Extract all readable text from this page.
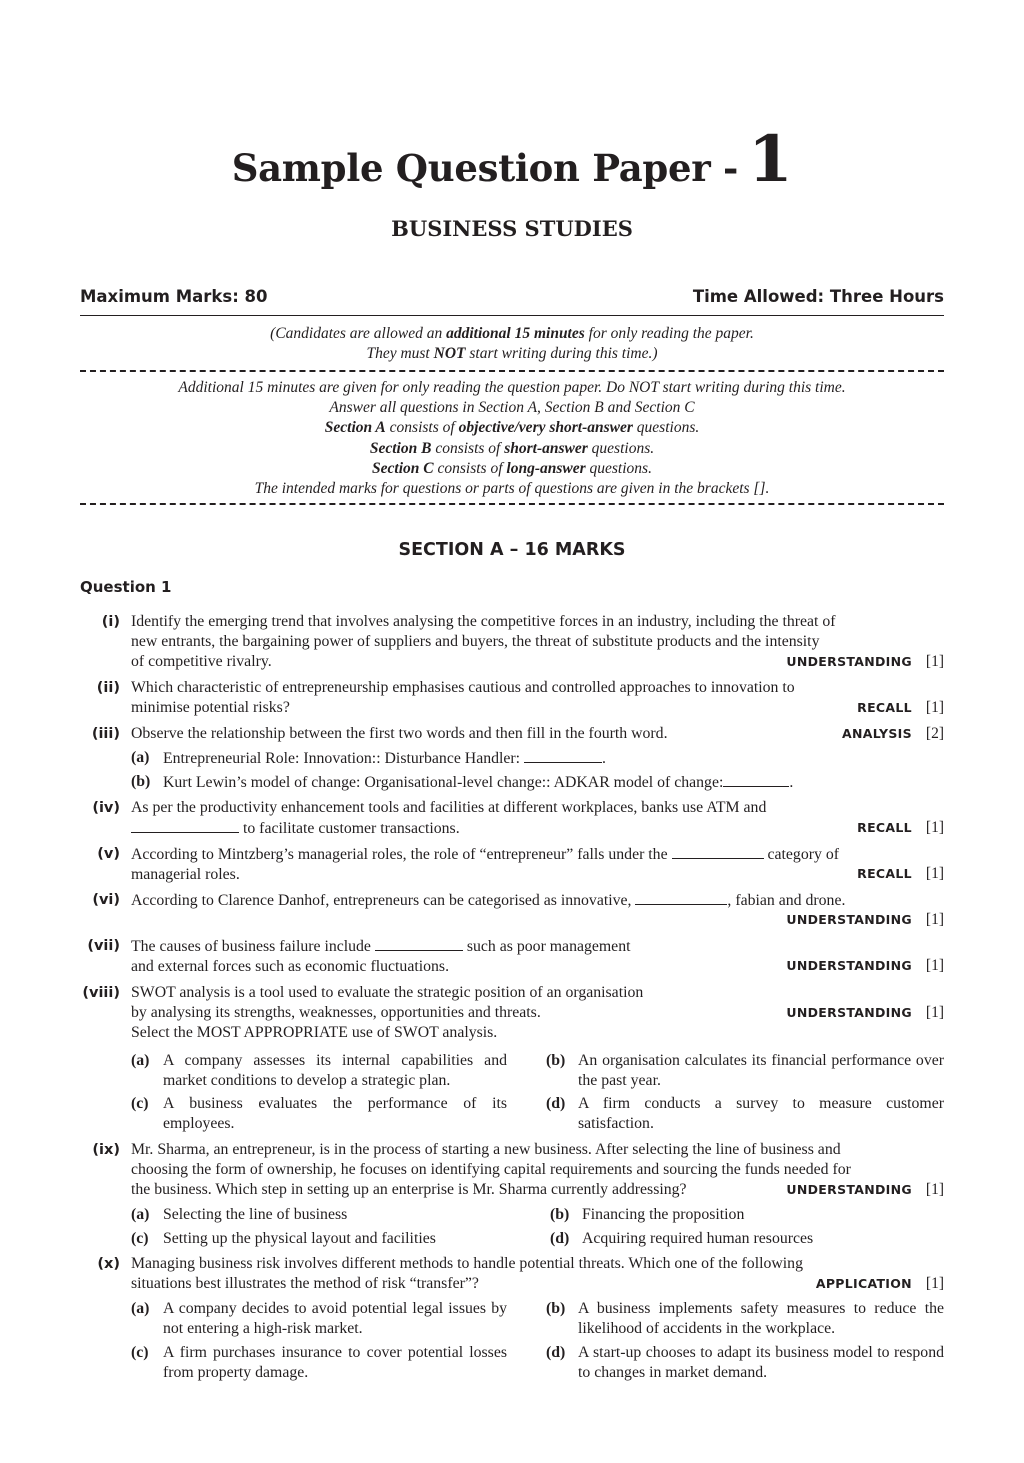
Sample Question Paper - 1
BUSINESS STUDIES
Maximum Marks: 80	Time Allowed: Three Hours
(Candidates are allowed an additional 15 minutes for only reading the paper.
They must NOT start writing during this time.)
Additional 15 minutes are given for only reading the question paper. Do NOT start writing during this time.
Answer all questions in Section A, Section B and Section C
Section A consists of objective/very short-answer questions.
Section B consists of short-answer questions.
Section C consists of long-answer questions.
The intended marks for questions or parts of questions are given in the brackets [].
SECTION A – 16 MARKS
Question 1
(i) Identify the emerging trend that involves analysing the competitive forces in an industry, including the threat of
new entrants, the bargaining power of suppliers and buyers, the threat of substitute products and the intensity
of competitive rivalry.	UNDERSTANDING [1]
(ii) Which characteristic of entrepreneurship emphasises cautious and controlled approaches to innovation to
minimise potential risks?	RECALL [1]
(iii) Observe the relationship between the first two words and then fill in the fourth word.	ANALYSIS [2]
(a) Entrepreneurial Role: Innovation:: Disturbance Handler:	.
(b) Kurt Lewin’s model of change: Organisational-level change:: ADKAR model of change:	.
(iv) As per the productivity enhancement tools and facilities at different workplaces, banks use ATM and
to facilitate customer transactions.	RECALL [1]
(v) According to Mintzberg’s managerial roles, the role of “entrepreneur” falls under the	category of
managerial roles.	RECALL [1]
(vi) According to Clarence Danhof, entrepreneurs can be categorised as innovative,	, fabian and drone.
UNDERSTANDING [1]
(vii) The causes of business failure include	such as poor management
and external forces such as economic fluctuations.	UNDERSTANDING [1]
(viii) SWOT analysis is a tool used to evaluate the strategic position of an organisation
by analysing its strengths, weaknesses, opportunities and threats.
Select the MOST APPROPRIATE use of SWOT analysis.
UNDERSTANDING [1]
(a) A company assesses its internal capabilities and market conditions to develop a strategic plan.
(b) An organisation calculates its financial performance over the past year.
(c) A business evaluates the performance of its employees.
(d) A firm conducts a survey to measure customer satisfaction.
(ix) Mr. Sharma, an entrepreneur, is in the process of starting a new business. After selecting the line of business and
choosing the form of ownership, he focuses on identifying capital requirements and sourcing the funds needed for
the business. Which step in setting up an enterprise is Mr. Sharma currently addressing?	UNDERSTANDING [1]
(a) Selecting the line of business	(b) Financing the proposition
(c) Setting up the physical layout and facilities	(d) Acquiring required human resources
(x) Managing business risk involves different methods to handle potential threats. Which one of the following
situations best illustrates the method of risk “transfer”?	APPLICATION [1]
(a) A company decides to avoid potential legal issues by not entering a high-risk market.
(b) A business implements safety measures to reduce the likelihood of accidents in the workplace.
(c) A firm purchases insurance to cover potential losses from property damage.
(d) A start-up chooses to adapt its business model to respond to changes in market demand.
